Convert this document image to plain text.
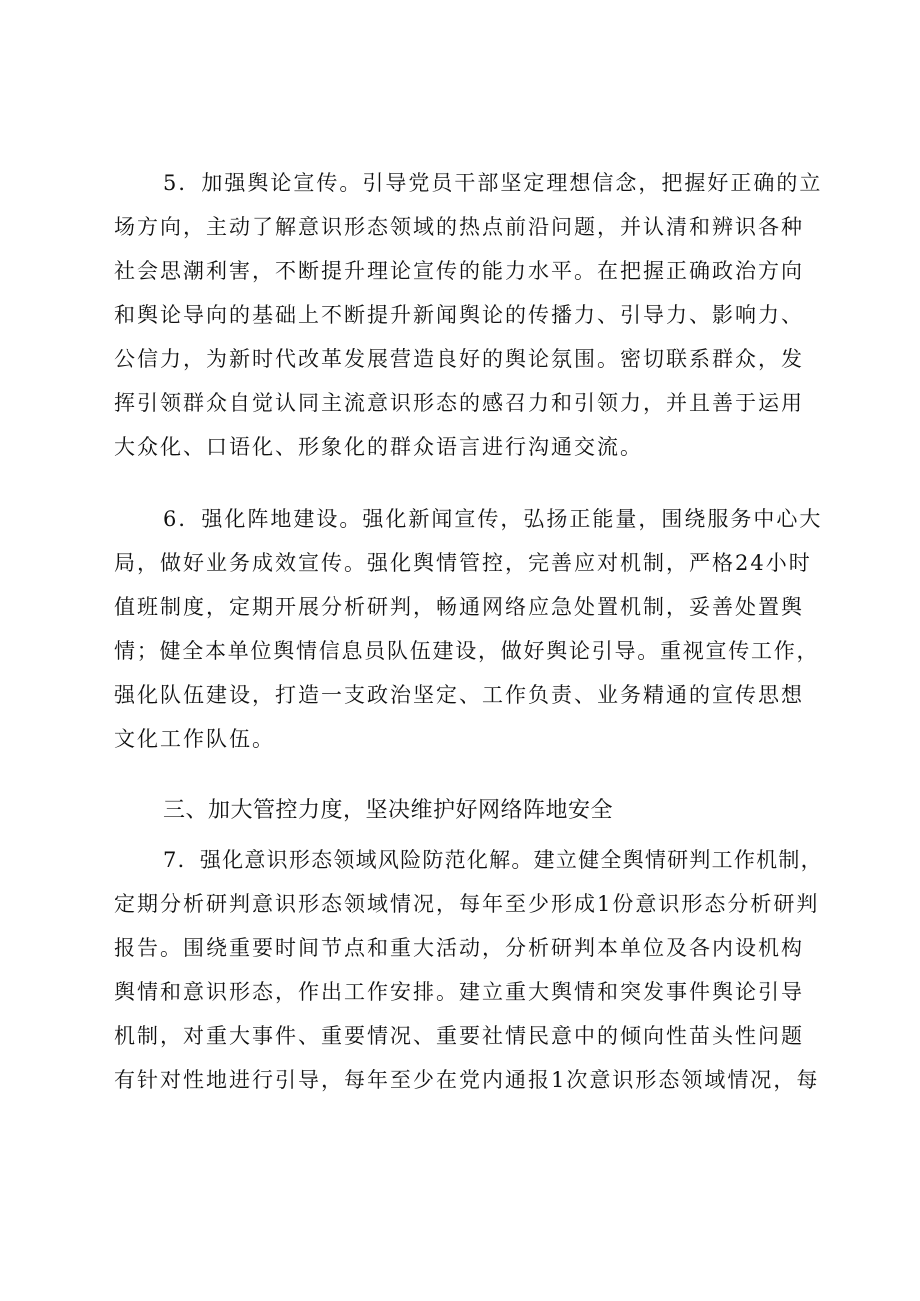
5．加强舆论宣传。引导党员干部坚定理想信念，把握好正确的立
场方向，主动了解意识形态领域的热点前沿问题，并认清和辨识各种
社会思潮利害，不断提升理论宣传的能力水平。在把握正确政治方向
和舆论导向的基础上不断提升新闻舆论的传播力、引导力、影响力、
公信力，为新时代改革发展营造良好的舆论氛围。密切联系群众，发
挥引领群众自觉认同主流意识形态的感召力和引领力，并且善于运用
大众化、口语化、形象化的群众语言进行沟通交流。
6．强化阵地建设。强化新闻宣传，弘扬正能量，围绕服务中心大
局，做好业务成效宣传。强化舆情管控，完善应对机制，严格24小时
值班制度，定期开展分析研判，畅通网络应急处置机制，妥善处置舆
情；健全本单位舆情信息员队伍建设，做好舆论引导。重视宣传工作，
强化队伍建设，打造一支政治坚定、工作负责、业务精通的宣传思想
文化工作队伍。
三、加大管控力度，坚决维护好网络阵地安全
7．强化意识形态领域风险防范化解。建立健全舆情研判工作机制，
定期分析研判意识形态领域情况，每年至少形成1份意识形态分析研判
报告。围绕重要时间节点和重大活动，分析研判本单位及各内设机构
舆情和意识形态，作出工作安排。建立重大舆情和突发事件舆论引导
机制，对重大事件、重要情况、重要社情民意中的倾向性苗头性问题
有针对性地进行引导，每年至少在党内通报1次意识形态领域情况，每
